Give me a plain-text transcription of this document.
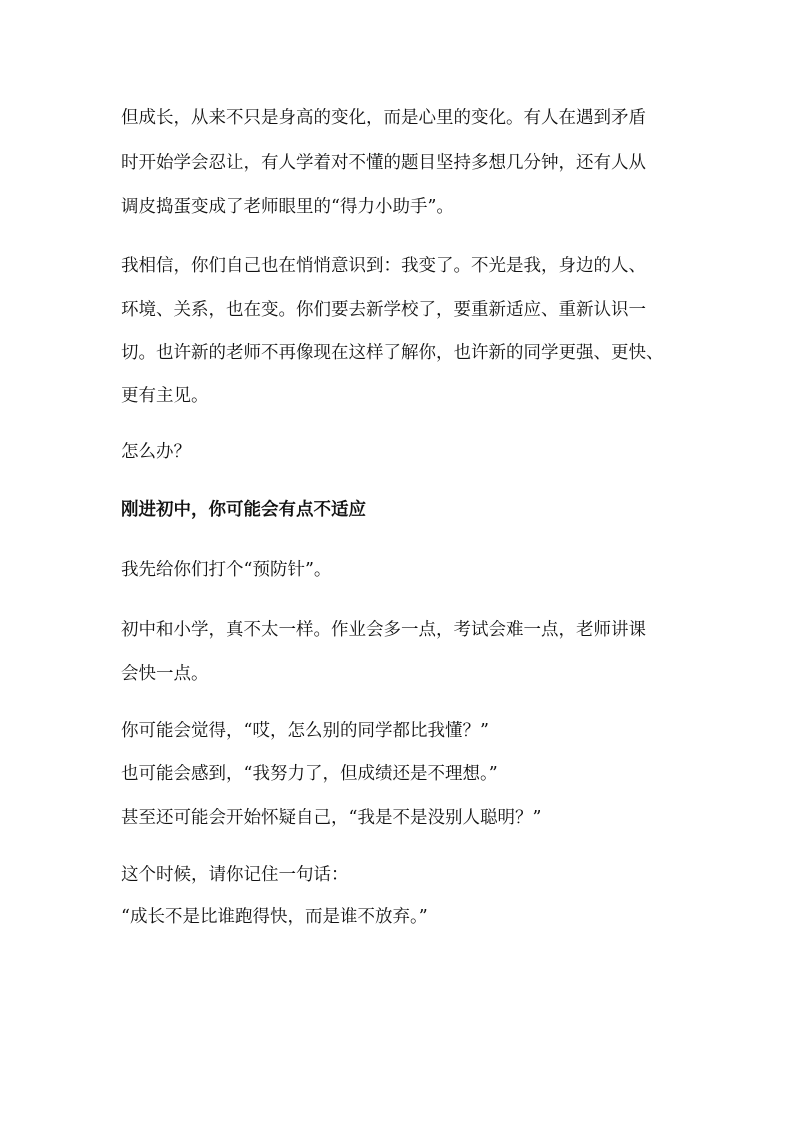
但成长，从来不只是身高的变化，而是心里的变化。有人在遇到矛盾
时开始学会忍让，有人学着对不懂的题目坚持多想几分钟，还有人从
调皮捣蛋变成了老师眼里的“得力小助手”。
我相信，你们自己也在悄悄意识到：我变了。不光是我，身边的人、
环境、关系，也在变。你们要去新学校了，要重新适应、重新认识一
切。也许新的老师不再像现在这样了解你，也许新的同学更强、更快、
更有主见。
怎么办？
刚进初中，你可能会有点不适应
我先给你们打个“预防针”。
初中和小学，真不太一样。作业会多一点，考试会难一点，老师讲课
会快一点。
你可能会觉得，“哎，怎么别的同学都比我懂？”
也可能会感到，“我努力了，但成绩还是不理想。”
甚至还可能会开始怀疑自己，“我是不是没别人聪明？”
这个时候，请你记住一句话：
“成长不是比谁跑得快，而是谁不放弃。”
